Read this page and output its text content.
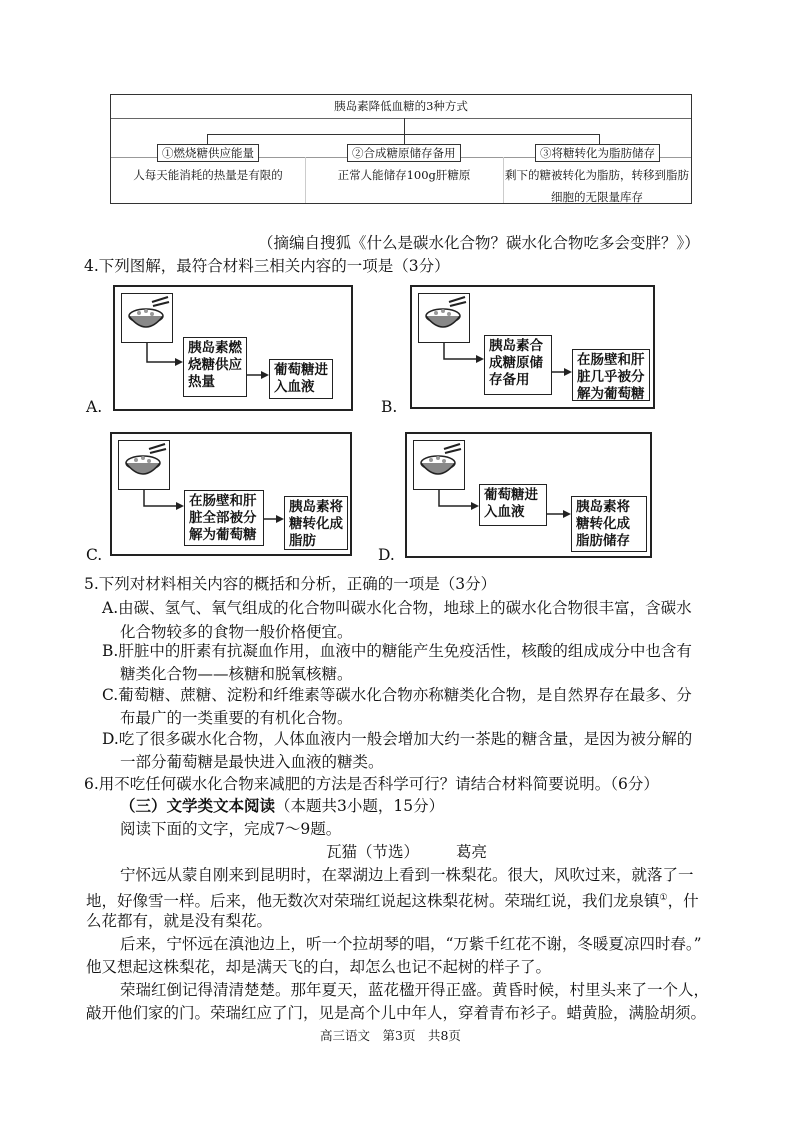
胰岛素降低血糖的3种方式
①燃烧糖供应能量	②合成糖原储存备用	③将糖转化为脂肪储存
人每天能消耗的热量是有限的	正常人能储存100g肝糖原	剩下的糖被转化为脂肪，转移到脂肪细胞的无限量库存
（摘编自搜狐《什么是碳水化合物？碳水化合物吃多会变胖？》）
4.下列图解，最符合材料三相关内容的一项是（3分）
A.
胰岛素燃烧糖供应热量
葡萄糖进入血液
B.
胰岛素合成糖原储存备用
在肠壁和肝脏几乎被分解为葡萄糖
C.
在肠壁和肝脏全部被分解为葡萄糖
胰岛素将糖转化成脂肪
D.
葡萄糖进入血液	胰岛素将糖转化成脂肪储存
5.下列对材料相关内容的概括和分析，正确的一项是（3分）
A.由碳、氢气、氧气组成的化合物叫碳水化合物，地球上的碳水化合物很丰富，含碳水
化合物较多的食物一般价格便宜。
B.肝脏中的肝素有抗凝血作用，血液中的糖能产生免疫活性，核酸的组成成分中也含有
糖类化合物——核糖和脱氧核糖。
C.葡萄糖、蔗糖、淀粉和纤维素等碳水化合物亦称糖类化合物，是自然界存在最多、分
布最广的一类重要的有机化合物。
D.吃了很多碳水化合物，人体血液内一般会增加大约一茶匙的糖含量，是因为被分解的
一部分葡萄糖是最快进入血液的糖类。
6.用不吃任何碳水化合物来减肥的方法是否科学可行？请结合材料简要说明。（6分）
（三）文学类文本阅读（本题共3小题，15分）
阅读下面的文字，完成7～9题。
瓦猫（节选） 葛亮
宁怀远从蒙自刚来到昆明时，在翠湖边上看到一株梨花。很大，风吹过来，就落了一
地，好像雪一样。后来，他无数次对荣瑞红说起这株梨花树。荣瑞红说，我们龙泉镇①，什
么花都有，就是没有梨花。
后来，宁怀远在滇池边上，听一个拉胡琴的唱，“万紫千红花不谢，冬暖夏凉四时春。”
他又想起这株梨花，却是满天飞的白，却怎么也记不起树的样子了。
荣瑞红倒记得清清楚楚。那年夏天，蓝花楹开得正盛。黄昏时候，村里头来了一个人，
敲开他们家的门。荣瑞红应了门，见是高个儿中年人，穿着青布衫子。蜡黄脸，满脸胡须。
高三语文　第3页　共8页
